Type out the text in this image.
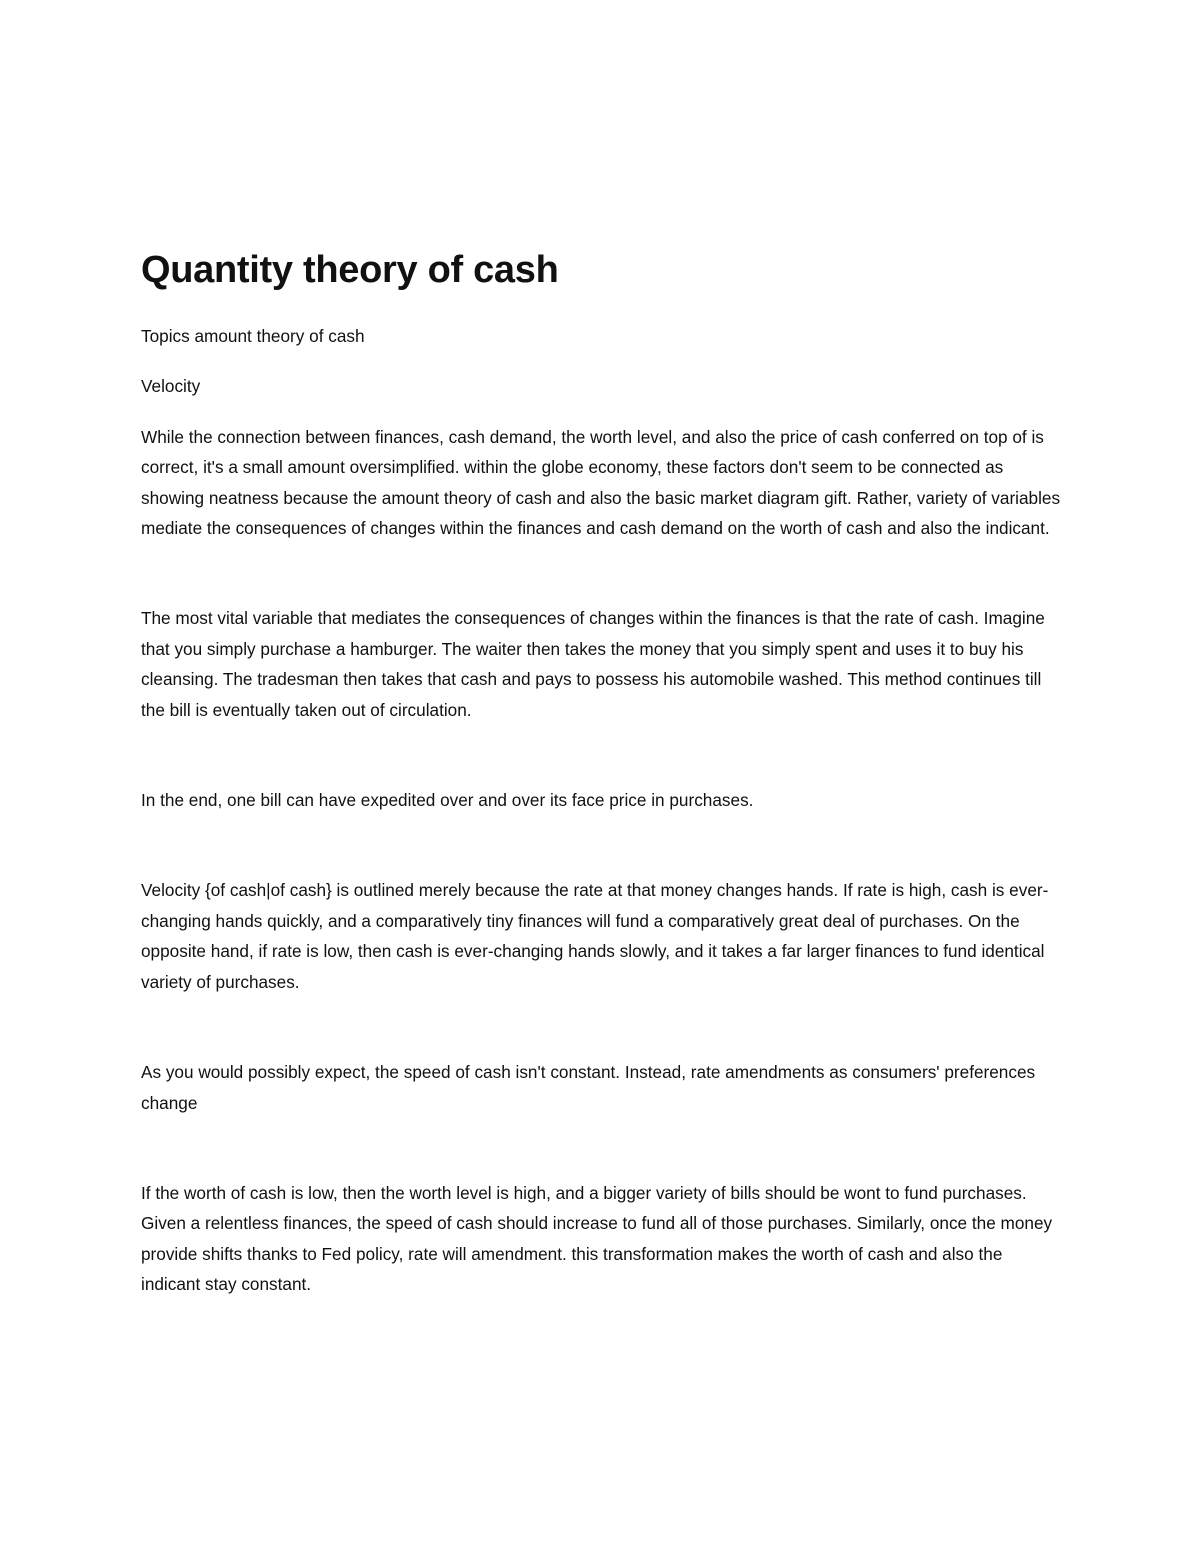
Quantity theory of cash

Topics amount theory of cash

Velocity

While the connection between finances, cash demand, the worth level, and also the price of cash conferred on top of is correct, it's a small amount oversimplified. within the globe economy, these factors don't seem to be connected as showing neatness because the amount theory of cash and also the basic market diagram gift. Rather, variety of variables mediate the consequences of changes within the finances and cash demand on the worth of cash and also the indicant.

The most vital variable that mediates the consequences of changes within the finances is that the rate of cash. Imagine that you simply purchase a hamburger. The waiter then takes the money that you simply spent and uses it to buy his cleansing. The tradesman then takes that cash and pays to possess his automobile washed. This method continues till the bill is eventually taken out of circulation.

In the end, one bill can have expedited over and over its face price in purchases.

Velocity {of cash|of cash} is outlined merely because the rate at that money changes hands. If rate is high, cash is ever-changing hands quickly, and a comparatively tiny finances will fund a comparatively great deal of purchases. On the opposite hand, if rate is low, then cash is ever-changing hands slowly, and it takes a far larger finances to fund identical variety of purchases.

As you would possibly expect, the speed of cash isn't constant. Instead, rate amendments as consumers' preferences change

If the worth of cash is low, then the worth level is high, and a bigger variety of bills should be wont to fund purchases. Given a relentless finances, the speed of cash should increase to fund all of those purchases. Similarly, once the money provide shifts thanks to Fed policy, rate will amendment. this transformation makes the worth of cash and also the indicant stay constant.
